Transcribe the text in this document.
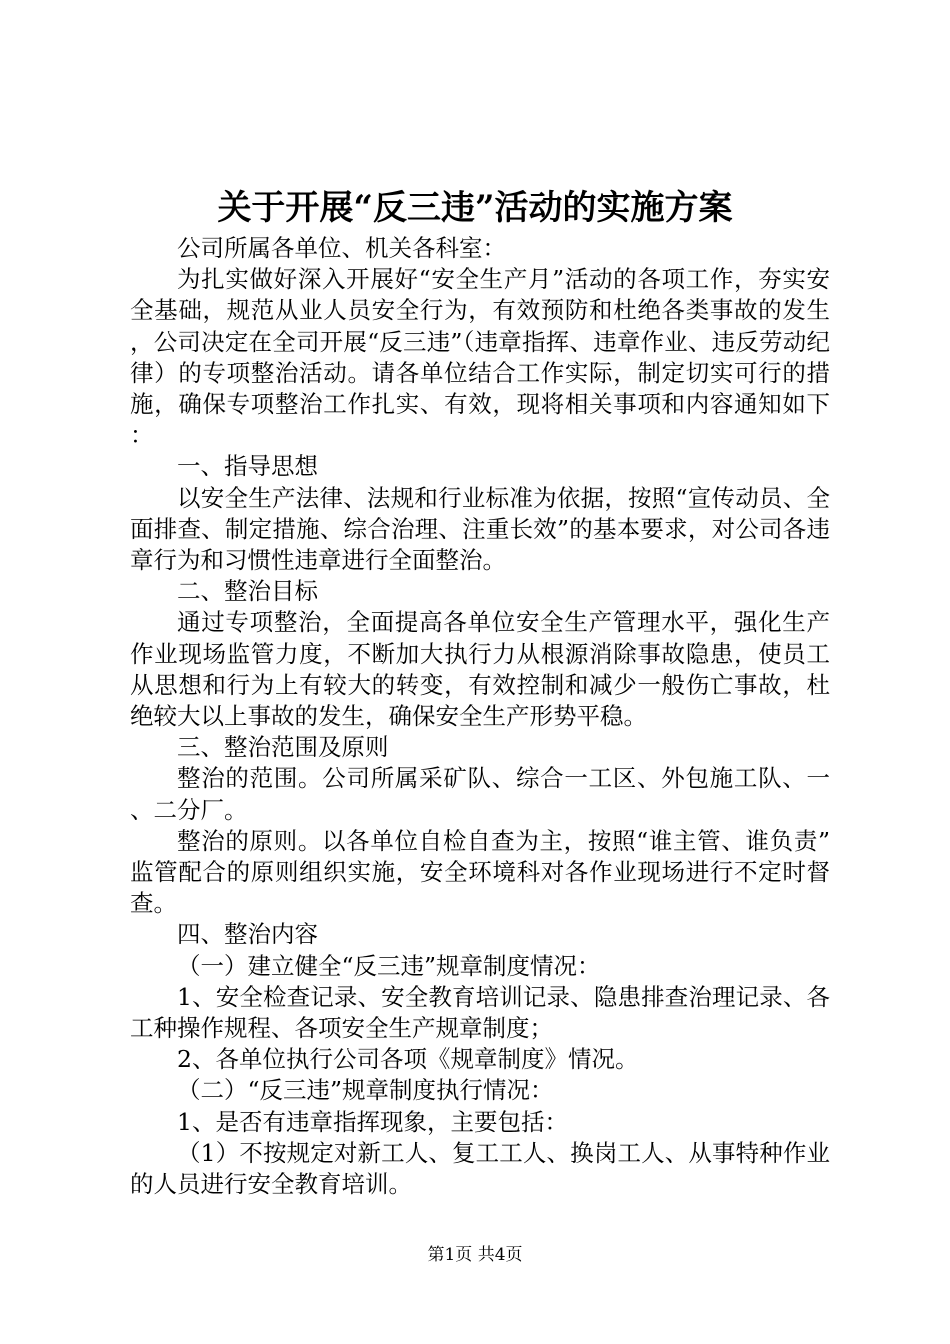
关于开展“反三违”活动的实施方案

公司所属各单位、机关各科室：

为扎实做好深入开展好“安全生产月”活动的各项工作，夯实安全基础，规范从业人员安全行为，有效预防和杜绝各类事故的发生，公司决定在全司开展“反三违”（违章指挥、违章作业、违反劳动纪律）的专项整治活动。请各单位结合工作实际，制定切实可行的措施，确保专项整治工作扎实、有效，现将相关事项和内容通知如下：

一、指导思想

以安全生产法律、法规和行业标准为依据，按照“宣传动员、全面排查、制定措施、综合治理、注重长效”的基本要求，对公司各违章行为和习惯性违章进行全面整治。

二、整治目标

通过专项整治，全面提高各单位安全生产管理水平，强化生产作业现场监管力度，不断加大执行力从根源消除事故隐患，使员工从思想和行为上有较大的转变，有效控制和减少一般伤亡事故，杜绝较大以上事故的发生，确保安全生产形势平稳。

三、整治范围及原则

整治的范围。公司所属采矿队、综合一工区、外包施工队、一、二分厂。

整治的原则。以各单位自检自查为主，按照“谁主管、谁负责”监管配合的原则组织实施，安全环境科对各作业现场进行不定时督查。

四、整治内容

（一）建立健全“反三违”规章制度情况：

1、安全检查记录、安全教育培训记录、隐患排查治理记录、各工种操作规程、各项安全生产规章制度；

2、各单位执行公司各项《规章制度》情况。

（二）“反三违”规章制度执行情况：

1、是否有违章指挥现象，主要包括：

（1）不按规定对新工人、复工工人、换岗工人、从事特种作业的人员进行安全教育培训。

第1页 共4页
